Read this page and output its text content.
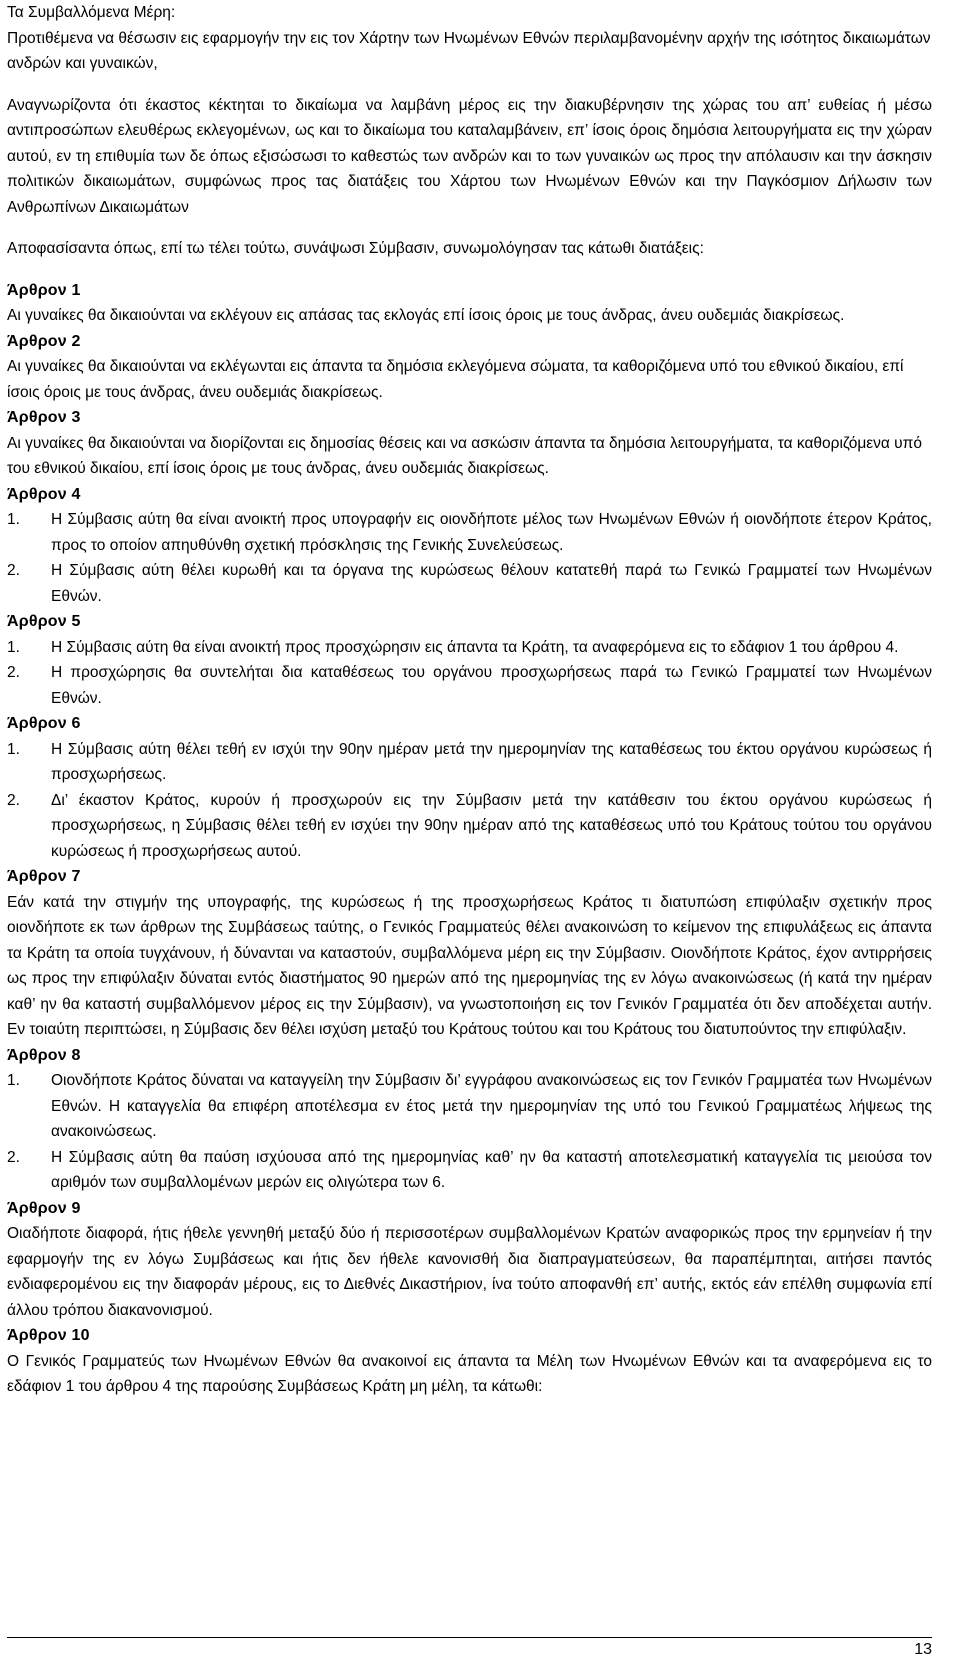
Τα Συμβαλλόμενα Μέρη:

Προτιθέμενα να θέσωσιν εις εφαρμογήν την εις τον Χάρτην των Ηνωμένων Εθνών περιλαμβανομένην αρχήν της ισότητος δικαιωμάτων ανδρών και γυναικών,

Αναγνωρίζοντα ότι έκαστος κέκτηται το δικαίωμα να λαμβάνη μέρος εις την διακυβέρνησιν της χώρας του απ’ ευθείας ή μέσω αντιπροσώπων ελευθέρως εκλεγομένων, ως και το δικαίωμα του καταλαμβάνειν, επ’ ίσοις όροις δημόσια λειτουργήματα εις την χώραν αυτού, εν τη επιθυμία των δε όπως εξισώσωσι το καθεστώς των ανδρών και το των γυναικών ως προς την απόλαυσιν και την άσκησιν πολιτικών δικαιωμάτων, συμφώνως προς τας διατάξεις του Χάρτου των Ηνωμένων Εθνών και την Παγκόσμιον Δήλωσιν των Ανθρωπίνων Δικαιωμάτων

Αποφασίσαντα όπως, επί τω τέλει τούτω, συνάψωσι Σύμβασιν, συνωμολόγησαν τας κάτωθι διατάξεις:

Άρθρον 1

Αι γυναίκες θα δικαιούνται να εκλέγουν εις απάσας τας εκλογάς επί ίσοις όροις με τους άνδρας, άνευ ουδεμιάς διακρίσεως.

Άρθρον 2

Αι γυναίκες θα δικαιούνται να εκλέγωνται εις άπαντα τα δημόσια εκλεγόμενα σώματα, τα καθοριζόμενα υπό του εθνικού δικαίου, επί ίσοις όροις με τους άνδρας, άνευ ουδεμιάς διακρίσεως.

Άρθρον 3

Αι γυναίκες θα δικαιούνται να διορίζονται εις δημοσίας θέσεις και να ασκώσιν άπαντα τα δημόσια λειτουργήματα, τα καθοριζόμενα υπό του εθνικού δικαίου, επί ίσοις όροις με τους άνδρας, άνευ ουδεμιάς διακρίσεως.

Άρθρον 4

1.	Η Σύμβασις αύτη θα είναι ανοικτή προς υπογραφήν εις οιονδήποτε μέλος των Ηνωμένων Εθνών ή οιονδήποτε έτερον Κράτος, προς το οποίον απηυθύνθη σχετική πρόσκλησις της Γενικής Συνελεύσεως.
2.	Η Σύμβασις αύτη θέλει κυρωθή και τα όργανα της κυρώσεως θέλουν κατατεθή παρά τω Γενικώ Γραμματεί των Ηνωμένων Εθνών.

Άρθρον 5

1.	Η Σύμβασις αύτη θα είναι ανοικτή προς προσχώρησιν εις άπαντα τα Κράτη, τα αναφερόμενα εις το εδάφιον 1 του άρθρου 4.
2.	Η προσχώρησις θα συντελήται δια καταθέσεως του οργάνου προσχωρήσεως παρά τω Γενικώ Γραμματεί των Ηνωμένων Εθνών.

Άρθρον 6

1.	Η Σύμβασις αύτη θέλει τεθή εν ισχύι την 90ην ημέραν μετά την ημερομηνίαν της καταθέσεως του έκτου οργάνου κυρώσεως ή προσχωρήσεως.
2.	Δι’ έκαστον Κράτος, κυρούν ή προσχωρούν εις την Σύμβασιν μετά την κατάθεσιν του έκτου οργάνου κυρώσεως ή προσχωρήσεως, η Σύμβασις θέλει τεθή εν ισχύει την 90ην ημέραν από της καταθέσεως υπό του Κράτους τούτου του οργάνου κυρώσεως ή προσχωρήσεως αυτού.

Άρθρον 7

Εάν κατά την στιγμήν της υπογραφής, της κυρώσεως ή της προσχωρήσεως Κράτος τι διατυπώση επιφύλαξιν σχετικήν προς οιονδήποτε εκ των άρθρων της Συμβάσεως ταύτης, ο Γενικός Γραμματεύς θέλει ανακοινώση το κείμενον της επιφυλάξεως εις άπαντα τα Κράτη τα οποία τυγχάνουν, ή δύνανται να καταστούν, συμβαλλόμενα μέρη εις την Σύμβασιν. Οιονδήποτε Κράτος, έχον αντιρρήσεις ως προς την επιφύλαξιν δύναται εντός διαστήματος 90 ημερών από της ημερομηνίας της εν λόγω ανακοινώσεως (ή κατά την ημέραν καθ’ ην θα καταστή συμβαλλόμενον μέρος εις την Σύμβασιν), να γνωστοποιήση εις τον Γενικόν Γραμματέα ότι δεν αποδέχεται αυτήν. Εν τοιαύτη περιπτώσει, η Σύμβασις δεν θέλει ισχύση μεταξύ του Κράτους τούτου και του Κράτους του διατυπούντος την επιφύλαξιν.

Άρθρον 8

1.	Οιονδήποτε Κράτος δύναται να καταγγείλη την Σύμβασιν δι’ εγγράφου ανακοινώσεως εις τον Γενικόν Γραμματέα των Ηνωμένων Εθνών. Η καταγγελία θα επιφέρη αποτέλεσμα εν έτος μετά την ημερομηνίαν της υπό του Γενικού Γραμματέως λήψεως της ανακοινώσεως.
2.	Η Σύμβασις αύτη θα παύση ισχύουσα από της ημερομηνίας καθ’ ην θα καταστή αποτελεσματική καταγγελία τις μειούσα τον αριθμόν των συμβαλλομένων μερών εις ολιγώτερα των 6.

Άρθρον 9

Οιαδήποτε διαφορά, ήτις ήθελε γεννηθή μεταξύ δύο ή περισσοτέρων συμβαλλομένων Κρατών αναφορικώς προς την ερμηνείαν ή την εφαρμογήν της εν λόγω Συμβάσεως και ήτις δεν ήθελε κανονισθή δια διαπραγματεύσεων, θα παραπέμπηται, αιτήσει παντός ενδιαφερομένου εις την διαφοράν μέρους, εις το Διεθνές Δικαστήριον, ίνα τούτο αποφανθή επ’ αυτής, εκτός εάν επέλθη συμφωνία επί άλλου τρόπου διακανονισμού.

Άρθρον 10

Ο Γενικός Γραμματεύς των Ηνωμένων Εθνών θα ανακοινοί εις άπαντα τα Μέλη των Ηνωμένων Εθνών και τα αναφερόμενα εις το εδάφιον 1 του άρθρου 4 της παρούσης Συμβάσεως Κράτη μη μέλη, τα κάτωθι:

13
